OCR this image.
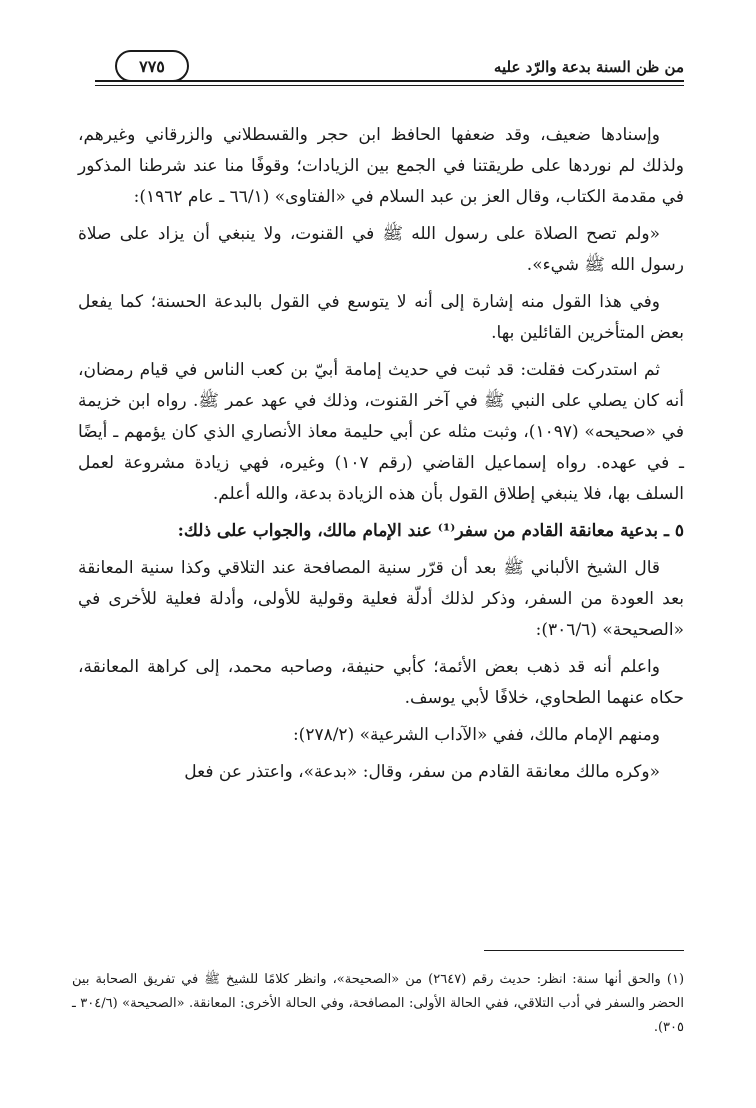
من ظن السنة بدعة والرّد عليه
٧٧٥

وإسنادها ضعيف، وقد ضعفها الحافظ ابن حجر والقسطلاني والزرقاني وغيرهم، ولذلك لم نوردها على طريقتنا في الجمع بين الزيادات؛ وقوفًا منا عند شرطنا المذكور في مقدمة الكتاب، وقال العز بن عبد السلام في «الفتاوى» (٦٦/١ ـ عام ١٩٦٢):

«ولم تصح الصلاة على رسول الله ﷺ في القنوت، ولا ينبغي أن يزاد على صلاة رسول الله ﷺ شيء».

وفي هذا القول منه إشارة إلى أنه لا يتوسع في القول بالبدعة الحسنة؛ كما يفعل بعض المتأخرين القائلين بها.

ثم استدركت فقلت: قد ثبت في حديث إمامة أبيّ بن كعب الناس في قيام رمضان، أنه كان يصلي على النبي ﷺ في آخر القنوت، وذلك في عهد عمر ﷺ. رواه ابن خزيمة في «صحيحه» (١٠٩٧)، وثبت مثله عن أبي حليمة معاذ الأنصاري الذي كان يؤمهم ـ أيضًا ـ في عهده. رواه إسماعيل القاضي (رقم ١٠٧) وغيره، فهي زيادة مشروعة لعمل السلف بها، فلا ينبغي إطلاق القول بأن هذه الزيادة بدعة، والله أعلم.

٥ ـ بدعية معانقة القادم من سفر⁽¹⁾ عند الإمام مالك، والجواب على ذلك:

قال الشيخ الألباني ﷺ بعد أن قرّر سنية المصافحة عند التلاقي وكذا سنية المعانقة بعد العودة من السفر، وذكر لذلك أدلّة فعلية وقولية للأولى، وأدلة فعلية للأخرى في «الصحيحة» (٣٠٦/٦):

واعلم أنه قد ذهب بعض الأئمة؛ كأبي حنيفة، وصاحبه محمد، إلى كراهة المعانقة، حكاه عنهما الطحاوي، خلافًا لأبي يوسف.

ومنهم الإمام مالك، ففي «الآداب الشرعية» (٢٧٨/٢):

«وكره مالك معانقة القادم من سفر، وقال: «بدعة»، واعتذر عن فعل

(١) والحق أنها سنة: انظر: حديث رقم (٢٦٤٧) من «الصحيحة»، وانظر كلامًا للشيخ ﷺ في تفريق الصحابة بين الحضر والسفر في أدب التلاقي، ففي الحالة الأولى: المصافحة، وفي الحالة الأخرى: المعانقة. «الصحيحة» (٣٠٤/٦ ـ ٣٠٥).
